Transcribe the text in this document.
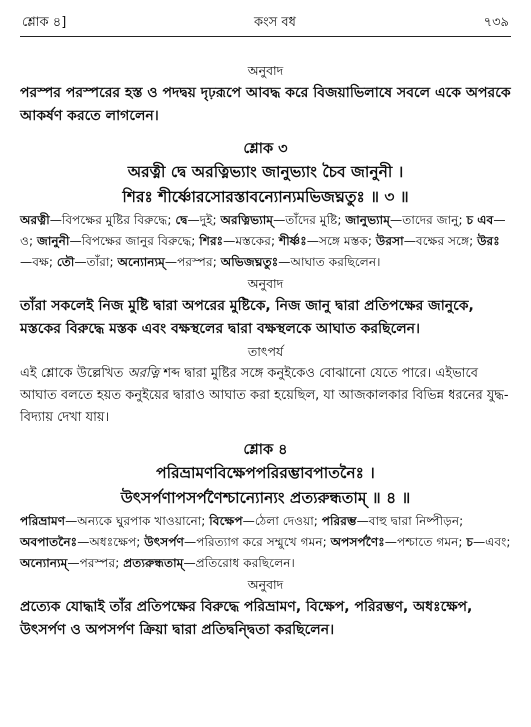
শ্লোক ৪]	কংস বধ	৭৩৯

অনুবাদ

পরস্পর পরস্পরের হস্ত ও পদদ্বয় দৃঢ়রূপে আবদ্ধ করে বিজয়াভিলাষে সবলে একে অপরকে আকর্ষণ করতে লাগলেন।

শ্লোক ৩

অরত্নী দ্বে অরত্নিভ্যাং জানুভ্যাং চৈব জানুনী ।

শিরঃ শীর্ষ্ণোরসোরস্তাবন্যোন্যমভিজঘ্নতুঃ ॥ ৩ ॥

অরত্নী—বিপক্ষের মুষ্টির বিরুদ্ধে; দ্বে—দুই; অরত্নিভ্যাম্—তাঁদের মুষ্টি; জানুভ্যাম্—তাদের জানু; চ এব—ও; জানুনী—বিপক্ষের জানুর বিরুদ্ধে; শিরঃ—মস্তকের; শীর্ষ্ণঃ—সঙ্গে মস্তক; উরসা—বক্ষের সঙ্গে; উরঃ—বক্ষ; তৌ—তাঁরা; অন্যোন্যম্—পরস্পর; অভিজঘ্নতুঃ—আঘাত করছিলেন।

অনুবাদ

তাঁরা সকলেই নিজ মুষ্টি দ্বারা অপরের মুষ্টিকে, নিজ জানু দ্বারা প্রতিপক্ষের জানুকে, মস্তকের বিরুদ্ধে মস্তক এবং বক্ষস্থলের দ্বারা বক্ষস্থলকে আঘাত করছিলেন।

তাৎপর্য

এই শ্লোকে উল্লেখিত অরত্নি শব্দ দ্বারা মুষ্টির সঙ্গে কনুইকেও বোঝানো যেতে পারে। এইভাবে আঘাত বলতে হয়ত কনুইয়ের দ্বারাও আঘাত করা হয়েছিল, যা আজকালকার বিভিন্ন ধরনের যুদ্ধ-বিদ্যায় দেখা যায়।

শ্লোক ৪

পরিভ্রামণবিক্ষেপপরিরম্ভাবপাতনৈঃ ।

উৎসর্পণাপসর্পণৈশ্চান্যোন্যং প্রত্যরুন্ধতাম্ ॥ ৪ ॥

পরিভ্রামণ—অন্যকে ঘুরপাক খাওয়ানো; বিক্ষেপ—ঠেলা দেওয়া; পরিরম্ভ—বাহু দ্বারা নিষ্পীড়ন; অবপাতনৈঃ—অধঃক্ষেপ; উৎসর্পণ—পরিত্যাগ করে সম্মুখে গমন; অপসর্পণৈঃ—পশ্চাতে গমন; চ—এবং; অন্যোন্যম্—পরস্পর; প্রত্যরুন্ধতাম্—প্রতিরোধ করছিলেন।

অনুবাদ

প্রত্যেক যোদ্ধাই তাঁর প্রতিপক্ষের বিরুদ্ধে পরিভ্রামণ, বিক্ষেপ, পরিরম্ভণ, অধঃক্ষেপ, উৎসর্পণ ও অপসর্পণ ক্রিয়া দ্বারা প্রতিদ্বন্দ্বিতা করছিলেন।
